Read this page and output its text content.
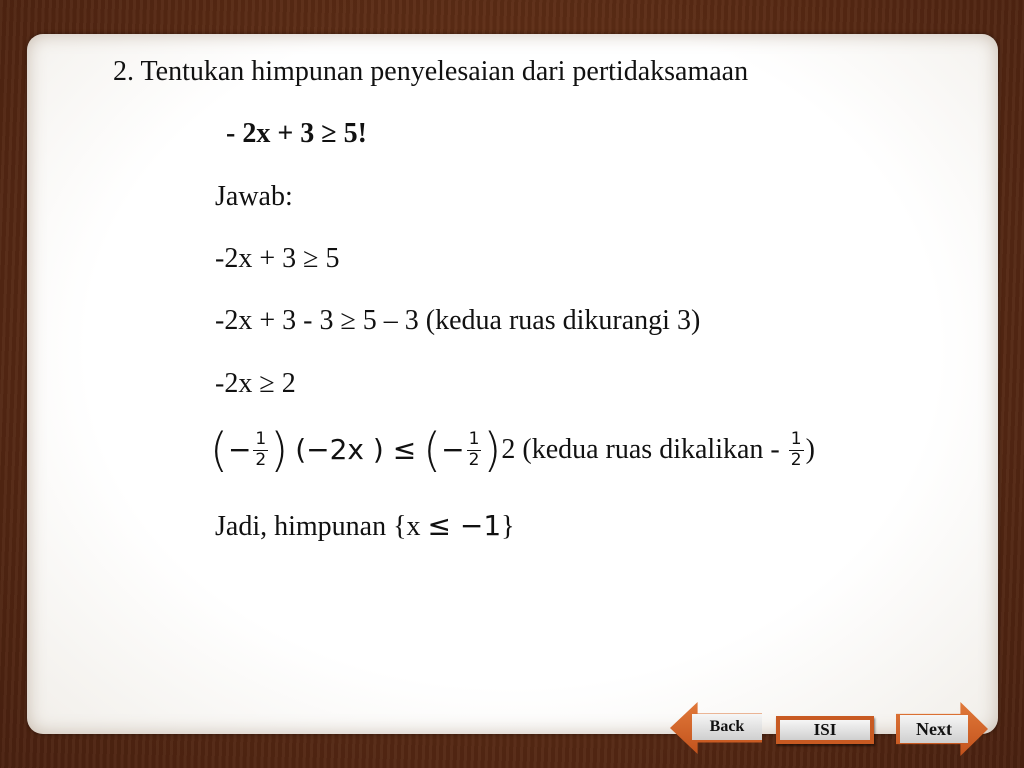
2. Tentukan himpunan penyelesaian dari pertidaksamaan
- 2x + 3 ≥ 5!
Jawab:
-2x + 3 ≥ 5
-2x + 3 - 3 ≥ 5 – 3 (kedua ruas dikurangi 3)
-2x ≥ 2
(− $\frac{1}{2}$ ) (−2x ) ≤ (− $\frac{1}{2} )2$ (kedua ruas dikalikan - $\frac{1}{2}$ )
Jadi, himpunan {x ≤ −1}
Back	ISI	Next
